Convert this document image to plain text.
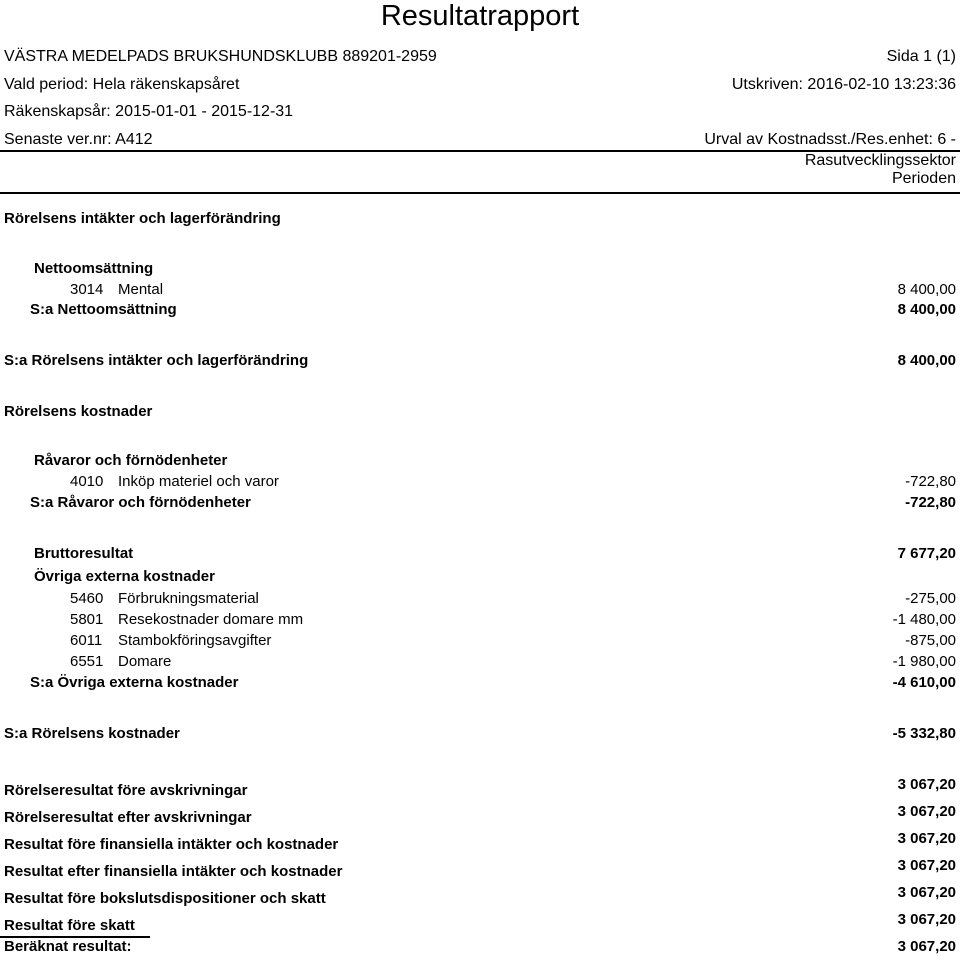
Resultatrapport
VÄSTRA MEDELPADS BRUKSHUNDSKLUBB 889201-2959	Sida 1 (1)
Vald period: Hela räkenskapsåret	Utskriven: 2016-02-10 13:23:36
Räkenskapsår: 2015-01-01 - 2015-12-31
Senaste ver.nr: A412	Urval av Kostnadsst./Res.enhet: 6 -
Rasutvecklingssektor
Perioden
Rörelsens intäkter och lagerförändring
Nettoomsättning
3014 Mental	8 400,00
S:a Nettoomsättning	8 400,00
S:a Rörelsens intäkter och lagerförändring	8 400,00
Rörelsens kostnader
Råvaror och förnödenheter
4010 Inköp materiel och varor	-722,80
S:a Råvaror och förnödenheter	-722,80
Bruttoresultat	7 677,20
Övriga externa kostnader
5460 Förbrukningsmaterial	-275,00
5801 Resekostnader domare mm	-1 480,00
6011 Stambokföringsavgifter	-875,00
6551 Domare	-1 980,00
S:a Övriga externa kostnader	-4 610,00
S:a Rörelsens kostnader	-5 332,80
Rörelseresultat före avskrivningar	3 067,20
Rörelseresultat efter avskrivningar	3 067,20
Resultat före finansiella intäkter och kostnader	3 067,20
Resultat efter finansiella intäkter och kostnader	3 067,20
Resultat före bokslutsdispositioner och skatt	3 067,20
Resultat före skatt	3 067,20
Beräknat resultat:	3 067,20
